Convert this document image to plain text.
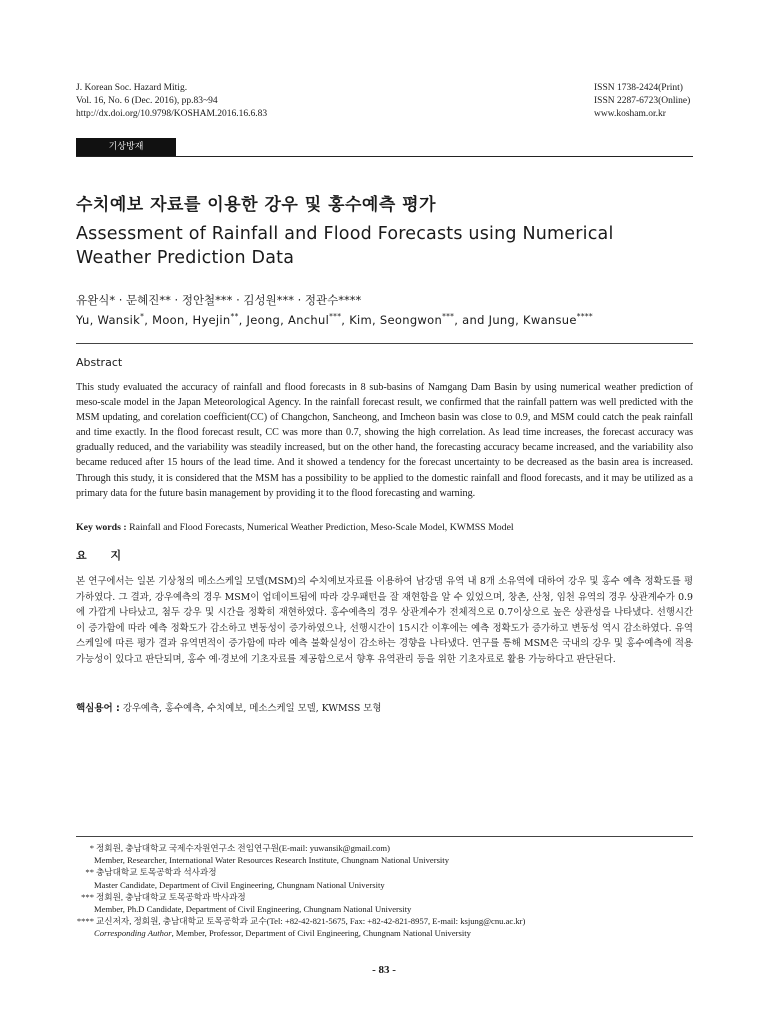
J. Korean Soc. Hazard Mitig.
Vol. 16, No. 6 (Dec. 2016), pp.83~94
http://dx.doi.org/10.9798/KOSHAM.2016.16.6.83
ISSN 1738-2424(Print)
ISSN 2287-6723(Online)
www.kosham.or.kr
기상방재
수치예보 자료를 이용한 강우 및 홍수예측 평가
Assessment of Rainfall and Flood Forecasts using Numerical
Weather Prediction Data
유완식* · 문혜진** · 정안철*** · 김성원*** · 정관수****
Yu, Wansik*, Moon, Hyejin**, Jeong, Anchul***, Kim, Seongwon***, and Jung, Kwansue****
Abstract
This study evaluated the accuracy of rainfall and flood forecasts in 8 sub-basins of Namgang Dam Basin by using numerical weather prediction of meso-scale model in the Japan Meteorological Agency. In the rainfall forecast result, we confirmed that the rainfall pattern was well predicted with the MSM updating, and corelation coefficient(CC) of Changchon, Sancheong, and Imcheon basin was close to 0.9, and MSM could catch the peak rainfall and time exactly. In the flood forecast result, CC was more than 0.7, showing the high correlation. As lead time increases, the forecast accuracy was gradually reduced, and the variability was steadily increased, but on the other hand, the forecasting accuracy became increased, and the variability also became reduced after 15 hours of the lead time. And it showed a tendency for the forecast uncertainty to be decreased as the basin area is increased. Through this study, it is considered that the MSM has a possibility to be applied to the domestic rainfall and flood forecasts, and it may be utilized as a primary data for the future basin management by providing it to the flood forecasting and warning.
Key words : Rainfall and Flood Forecasts, Numerical Weather Prediction, Meso-Scale Model, KWMSS Model
요 지
본 연구에서는 일본 기상청의 메소스케일 모델(MSM)의 수치예보자료를 이용하여 남강댐 유역 내 8개 소유역에 대하여 강우 및 홍수 예측 정확도를 평가하였다. 그 결과, 강우예측의 경우 MSM이 업데이트됨에 따라 강우패턴을 잘 재현함을 알 수 있었으며, 창촌, 산청, 임천 유역의 경우 상관계수가 0.9에 가깝게 나타났고, 첨두 강우 및 시간을 정확히 재현하였다. 홍수예측의 경우 상관계수가 전체적으로 0.7이상으로 높은 상관성을 나타냈다. 선행시간이 증가함에 따라 예측 정확도가 감소하고 변동성이 증가하였으나, 선행시간이 15시간 이후에는 예측 정확도가 증가하고 변동성 역시 감소하였다. 유역 스케일에 따른 평가 결과 유역면적이 증가함에 따라 예측 불확실성이 감소하는 경향을 나타냈다. 연구를 통해 MSM은 국내의 강우 및 홍수예측에 적용가능성이 있다고 판단되며, 홍수 예·경보에 기초자료를 제공함으로서 향후 유역관리 등을 위한 기초자료로 활용 가능하다고 판단된다.
핵심용어 : 강우예측, 홍수예측, 수치예보, 메소스케일 모델, KWMSS 모형
* 정회원, 충남대학교 국제수자원연구소 전임연구원(E-mail: yuwansik@gmail.com)
Member, Researcher, International Water Resources Research Institute, Chungnam National University
** 충남대학교 토목공학과 석사과정
Master Candidate, Department of Civil Engineering, Chungnam National University
*** 정회원, 충남대학교 토목공학과 박사과정
Member, Ph.D Candidate, Department of Civil Engineering, Chungnam National University
**** 교신저자, 정회원, 충남대학교 토목공학과 교수(Tel: +82-42-821-5675, Fax: +82-42-821-8957, E-mail: ksjung@cnu.ac.kr)
Corresponding Author, Member, Professor, Department of Civil Engineering, Chungnam National University
- 83 -
